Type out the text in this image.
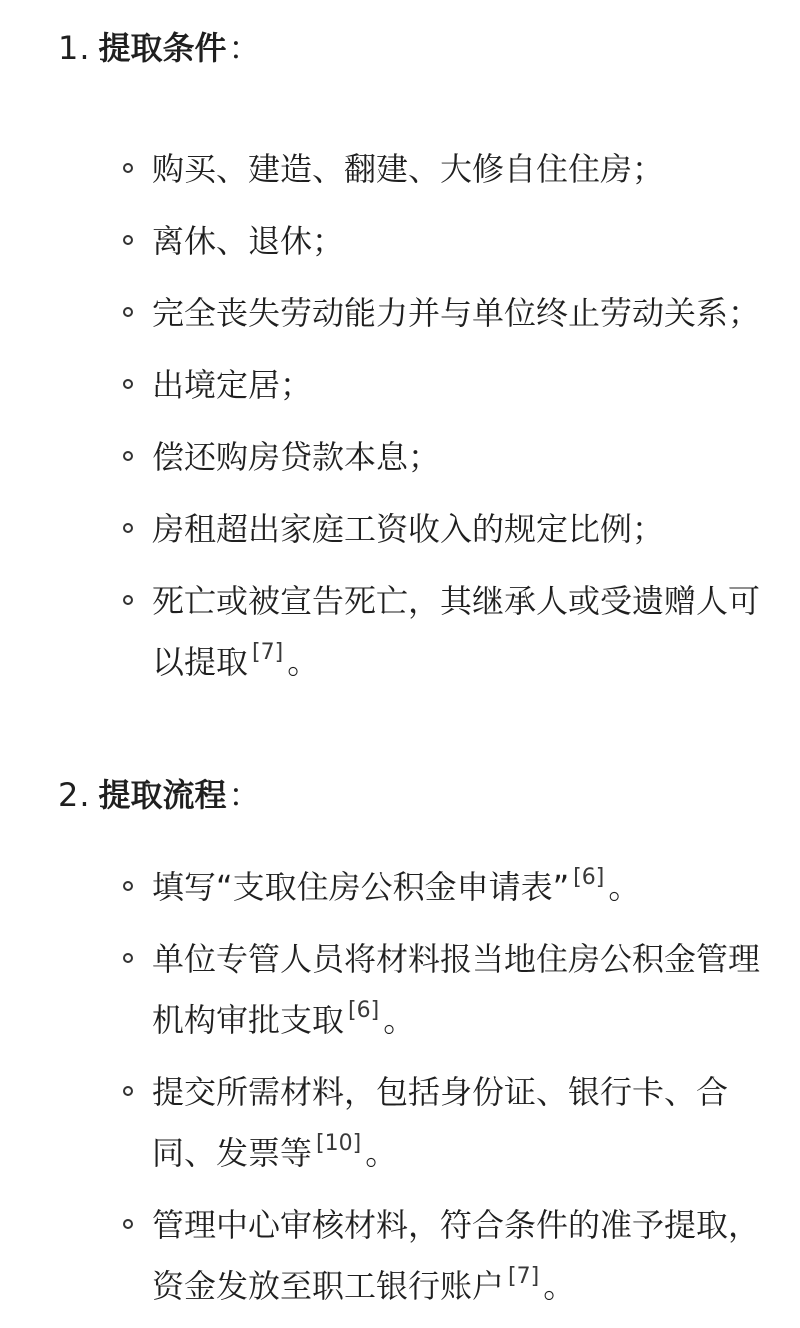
1. 提取条件：
购买、建造、翻建、大修自住住房；
离休、退休；
完全丧失劳动能力并与单位终止劳动关系；
出境定居；
偿还购房贷款本息；
房租超出家庭工资收入的规定比例；
死亡或被宣告死亡，其继承人或受遗赠人可以提取 [7] 。
2. 提取流程：
填写“支取住房公积金申请表” [6] 。
单位专管人员将材料报当地住房公积金管理机构审批支取 [6] 。
提交所需材料，包括身份证、银行卡、合同、发票等 [10] 。
管理中心审核材料，符合条件的准予提取，资金发放至职工银行账户 [7] 。
